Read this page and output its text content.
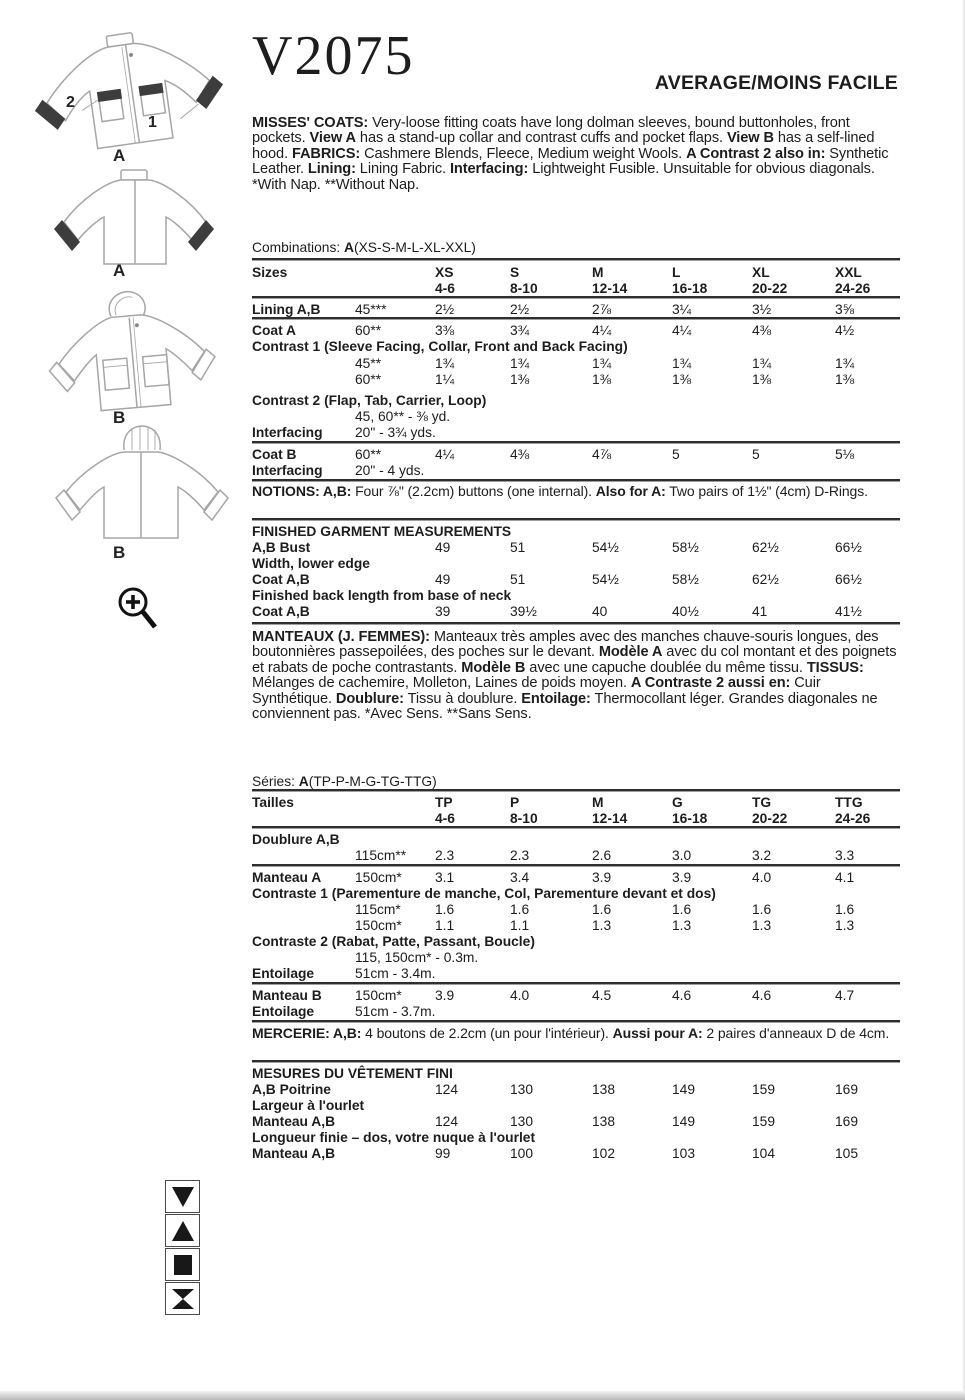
2
1
A
A
B
B
V2075	AVERAGE/MOINS FACILE
MISSES' COATS: Very-loose fitting coats have long dolman sleeves, bound buttonholes, front pockets. View A has a stand-up collar and contrast cuffs and pocket flaps. View B has a self-lined hood. FABRICS: Cashmere Blends, Fleece, Medium weight Wools. A Contrast 2 also in: Synthetic Leather. Lining: Lining Fabric. Interfacing: Lightweight Fusible. Unsuitable for obvious diagonals. *With Nap. **Without Nap.
Combinations: A(XS-S-M-L-XL-XXL)
Sizes	XS	S	M	L	XL	XXL
4-6	8-10	12-14	16-18	20-22	24-26
Lining A,B	45***	2½	2½	2⅞	3¼	3½	3⅝
Coat A	60**	3⅜	3¾	4¼	4¼	4⅜	4½
Contrast 1 (Sleeve Facing, Collar, Front and Back Facing)
45**	1¾	1¾	1¾	1¾	1¾	1¾
60**	1¼	1⅜	1⅜	1⅜	1⅜	1⅜
Contrast 2 (Flap, Tab, Carrier, Loop)
45, 60** - ⅜ yd.
Interfacing 20" - 3¾ yds.
Coat B	60**	4¼	4⅜	4⅞	5	5	5⅛
Interfacing 20" - 4 yds.
NOTIONS: A,B: Four ⅞" (2.2cm) buttons (one internal). Also for A: Two pairs of 1½" (4cm) D-Rings.
FINISHED GARMENT MEASUREMENTS
A,B Bust	49	51	54½	58½	62½	66½
Width, lower edge
Coat A,B	49	51	54½	58½	62½	66½
Finished back length from base of neck
Coat A,B	39	39½	40	40½	41	41½
MANTEAUX (J. FEMMES): Manteaux très amples avec des manches chauve-souris longues, des boutonnières passepoilées, des poches sur le devant. Modèle A avec du col montant et des poignets et rabats de poche contrastants. Modèle B avec une capuche doublée du même tissu. TISSUS: Mélanges de cachemire, Molleton, Laines de poids moyen. A Contraste 2 aussi en: Cuir Synthétique. Doublure: Tissu à doublure. Entoilage: Thermocollant léger. Grandes diagonales ne conviennent pas. *Avec Sens. **Sans Sens.
Séries: A(TP-P-M-G-TG-TTG)
Tailles	TP	P	M	G	TG	TTG
4-6	8-10	12-14	16-18	20-22	24-26
Doublure A,B
115cm**	2.3	2.3	2.6	3.0	3.2	3.3
Manteau A 150cm*	3.1	3.4	3.9	3.9	4.0	4.1
Contraste 1 (Parementure de manche, Col, Parementure devant et dos)
115cm*	1.6	1.6	1.6	1.6	1.6	1.6
150cm*	1.1	1.1	1.3	1.3	1.3	1.3
Contraste 2 (Rabat, Patte, Passant, Boucle)
115, 150cm* - 0.3m.
Entoilage	51cm - 3.4m.
Manteau B 150cm*	3.9	4.0	4.5	4.6	4.6	4.7
Entoilage	51cm - 3.7m.
MERCERIE: A,B: 4 boutons de 2.2cm (un pour l'intérieur). Aussi pour A: 2 paires d'anneaux D de 4cm.
MESURES DU VÊTEMENT FINI
A,B Poitrine	124	130	138	149	159	169
Largeur à l'ourlet
Manteau A,B	124	130	138	149	159	169
Longueur finie – dos, votre nuque à l'ourlet
Manteau A,B	99	100	102	103	104	105
